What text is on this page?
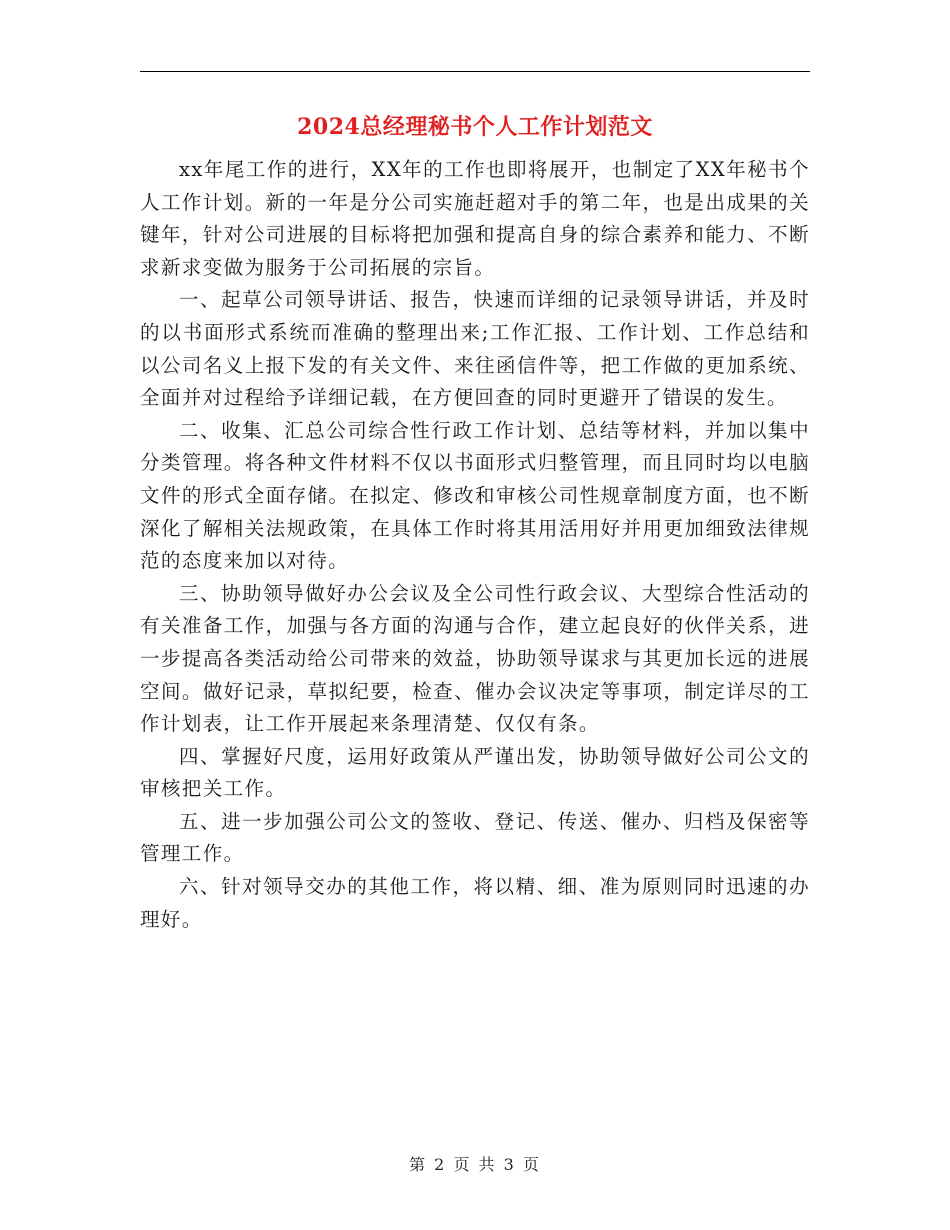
2024总经理秘书个人工作计划范文

xx年尾工作的进行，XX年的工作也即将展开，也制定了XX年秘书个人工作计划。新的一年是分公司实施赶超对手的第二年，也是出成果的关键年，针对公司进展的目标将把加强和提高自身的综合素养和能力、不断求新求变做为服务于公司拓展的宗旨。

一、起草公司领导讲话、报告，快速而详细的记录领导讲话，并及时的以书面形式系统而准确的整理出来;工作汇报、工作计划、工作总结和以公司名义上报下发的有关文件、来往函信件等，把工作做的更加系统、全面并对过程给予详细记载，在方便回查的同时更避开了错误的发生。

二、收集、汇总公司综合性行政工作计划、总结等材料，并加以集中分类管理。将各种文件材料不仅以书面形式归整管理，而且同时均以电脑文件的形式全面存储。在拟定、修改和审核公司性规章制度方面，也不断深化了解相关法规政策，在具体工作时将其用活用好并用更加细致法律规范的态度来加以对待。

三、协助领导做好办公会议及全公司性行政会议、大型综合性活动的有关准备工作，加强与各方面的沟通与合作，建立起良好的伙伴关系，进一步提高各类活动给公司带来的效益，协助领导谋求与其更加长远的进展空间。做好记录，草拟纪要，检查、催办会议决定等事项，制定详尽的工作计划表，让工作开展起来条理清楚、仅仅有条。

四、掌握好尺度，运用好政策从严谨出发，协助领导做好公司公文的审核把关工作。

五、进一步加强公司公文的签收、登记、传送、催办、归档及保密等管理工作。

六、针对领导交办的其他工作，将以精、细、准为原则同时迅速的办理好。

第 2 页 共 3 页
